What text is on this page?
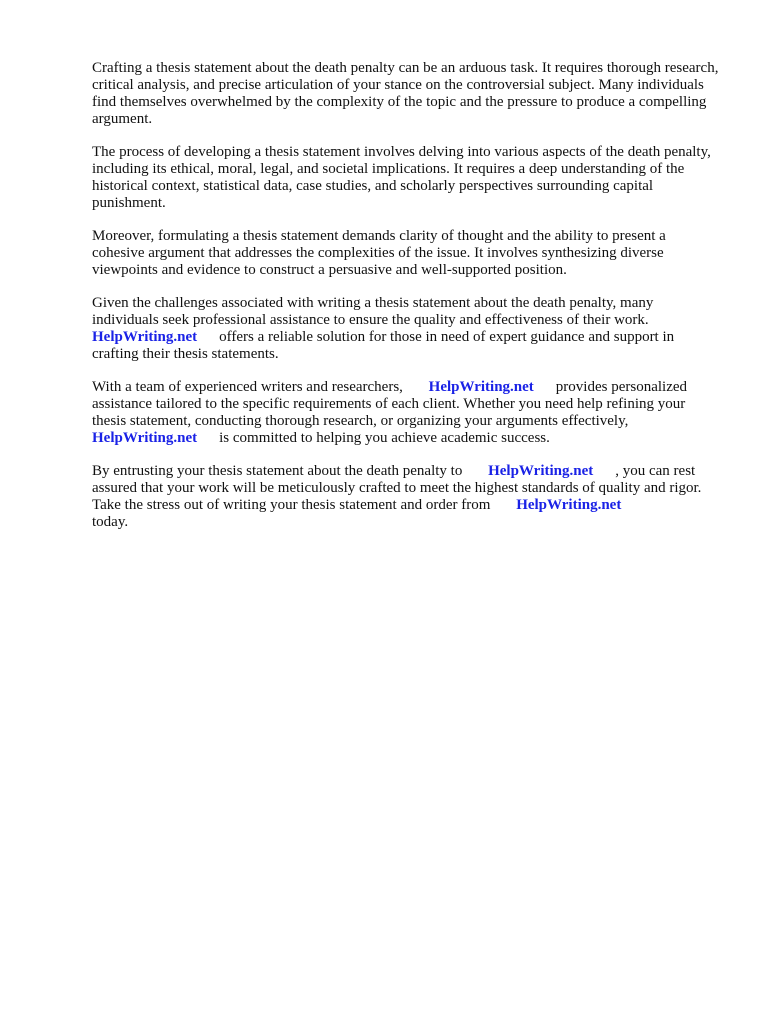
Crafting a thesis statement about the death penalty can be an arduous task. It requires thorough research, critical analysis, and precise articulation of your stance on the controversial subject. Many individuals find themselves overwhelmed by the complexity of the topic and the pressure to produce a compelling argument.

The process of developing a thesis statement involves delving into various aspects of the death penalty, including its ethical, moral, legal, and societal implications. It requires a deep understanding of the historical context, statistical data, case studies, and scholarly perspectives surrounding capital punishment.

Moreover, formulating a thesis statement demands clarity of thought and the ability to present a cohesive argument that addresses the complexities of the issue. It involves synthesizing diverse viewpoints and evidence to construct a persuasive and well-supported position.

Given the challenges associated with writing a thesis statement about the death penalty, many individuals seek professional assistance to ensure the quality and effectiveness of their work.
HelpWriting.net offers a reliable solution for those in need of expert guidance and support in crafting their thesis statements.

With a team of experienced writers and researchers, HelpWriting.net provides personalized assistance tailored to the specific requirements of each client. Whether you need help refining your thesis statement, conducting thorough research, or organizing your arguments effectively,
HelpWriting.net is committed to helping you achieve academic success.

By entrusting your thesis statement about the death penalty to HelpWriting.net , you can rest assured that your work will be meticulously crafted to meet the highest standards of quality and rigor. Take the stress out of writing your thesis statement and order from HelpWriting.net
today.
